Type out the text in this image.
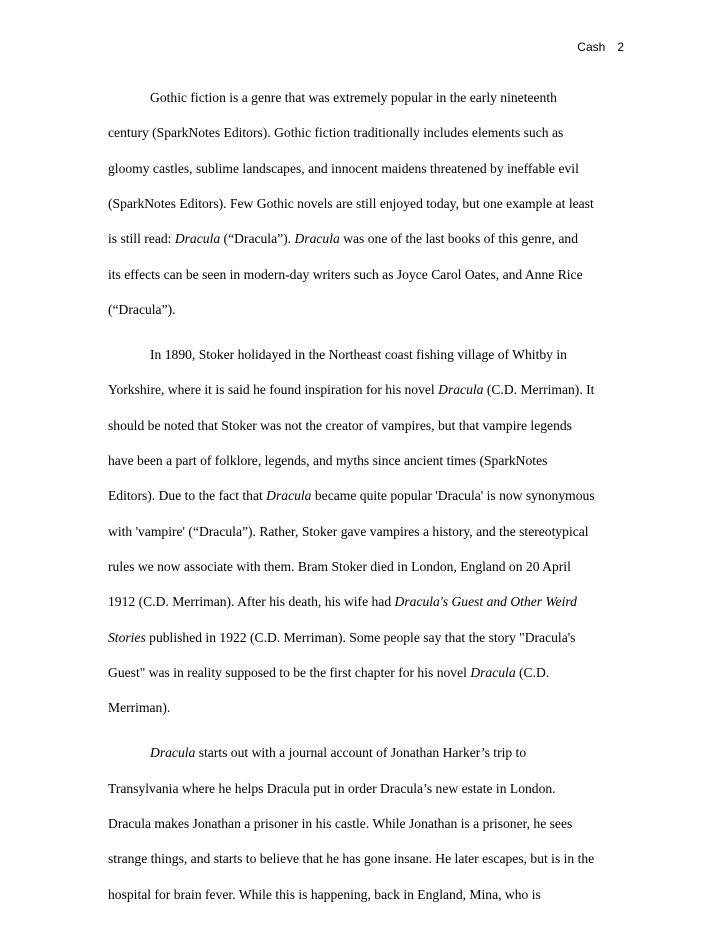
Cash 2
Gothic fiction is a genre that was extremely popular in the early nineteenth
century (SparkNotes Editors). Gothic fiction traditionally includes elements such as
gloomy castles, sublime landscapes, and innocent maidens threatened by ineffable evil
(SparkNotes Editors). Few Gothic novels are still enjoyed today, but one example at least
is still read: Dracula (“Dracula”). Dracula was one of the last books of this genre, and
its effects can be seen in modern-day writers such as Joyce Carol Oates, and Anne Rice
(“Dracula”).
In 1890, Stoker holidayed in the Northeast coast fishing village of Whitby in
Yorkshire, where it is said he found inspiration for his novel Dracula (C.D. Merriman). It
should be noted that Stoker was not the creator of vampires, but that vampire legends
have been a part of folklore, legends, and myths since ancient times (SparkNotes
Editors). Due to the fact that Dracula became quite popular 'Dracula' is now synonymous
with 'vampire' (“Dracula”). Rather, Stoker gave vampires a history, and the stereotypical
rules we now associate with them. Bram Stoker died in London, England on 20 April
1912 (C.D. Merriman). After his death, his wife had Dracula's Guest and Other Weird
Stories published in 1922 (C.D. Merriman). Some people say that the story "Dracula's
Guest" was in reality supposed to be the first chapter for his novel Dracula (C.D.
Merriman).
Dracula starts out with a journal account of Jonathan Harker’s trip to
Transylvania where he helps Dracula put in order Dracula’s new estate in London.
Dracula makes Jonathan a prisoner in his castle. While Jonathan is a prisoner, he sees
strange things, and starts to believe that he has gone insane. He later escapes, but is in the
hospital for brain fever. While this is happening, back in England, Mina, who is
